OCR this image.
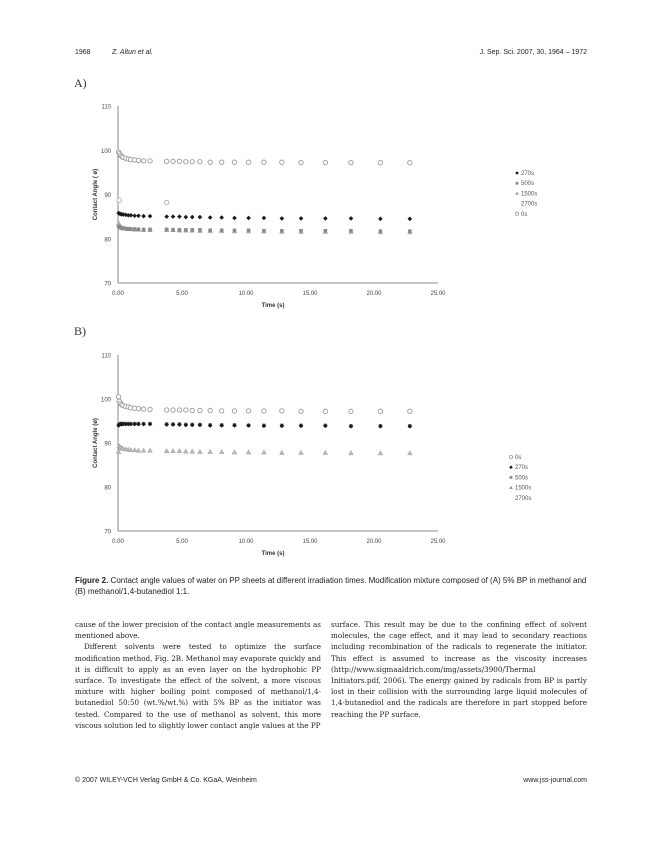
1968	Z. Altun et al.	J. Sep. Sci. 2007, 30, 1964 – 1972
A)
B)
70
80
90
100
110
0.00	5.00	10.00	15.00	20.00	25.00
Time (s)
Contact Angle ( ø)	270s
500s
1500s
2700s
0s
70
80
90
100
110
0.00	5.00	10.00	15.00	20.00	25.00
Time (s)
Contact Angle (ø)	0s
270s
500s
1500s
2700s
Figure 2. Contact angle values of water on PP sheets at different irradiation times. Modification mixture composed of (A) 5% BP in methanol and (B) methanol/1,4-butanediol 1:1.

cause of the lower precision of the contact angle measurements as mentioned above.

Different solvents were tested to optimize the surface modification method, Fig. 2B. Methanol may evaporate quickly and it is difficult to apply as an even layer on the hydrophobic PP surface. To investigate the effect of the solvent, a more viscous mixture with higher boiling point composed of methanol/1,4-butanediol 50:50 (wt.%/wt.%) with 5% BP as the initiator was tested. Compared to the use of methanol as solvent, this more viscous solution led to slightly lower contact angle values at the PP

surface. This result may be due to the confining effect of solvent molecules, the cage effect, and it may lead to secondary reactions including recombination of the radicals to regenerate the initiator. This effect is assumed to increase as the viscosity increases (http://www.sigmaaldrich.com/img/assets/3900/Thermal Initiators.pdf, 2006). The energy gained by radicals from BP is partly lost in their collision with the surrounding large liquid molecules of 1,4-butanediol and the radicals are therefore in part stopped before reaching the PP surface.

© 2007 WILEY-VCH Verlag GmbH & Co. KGaA, Weinheim	www.jss-journal.com
